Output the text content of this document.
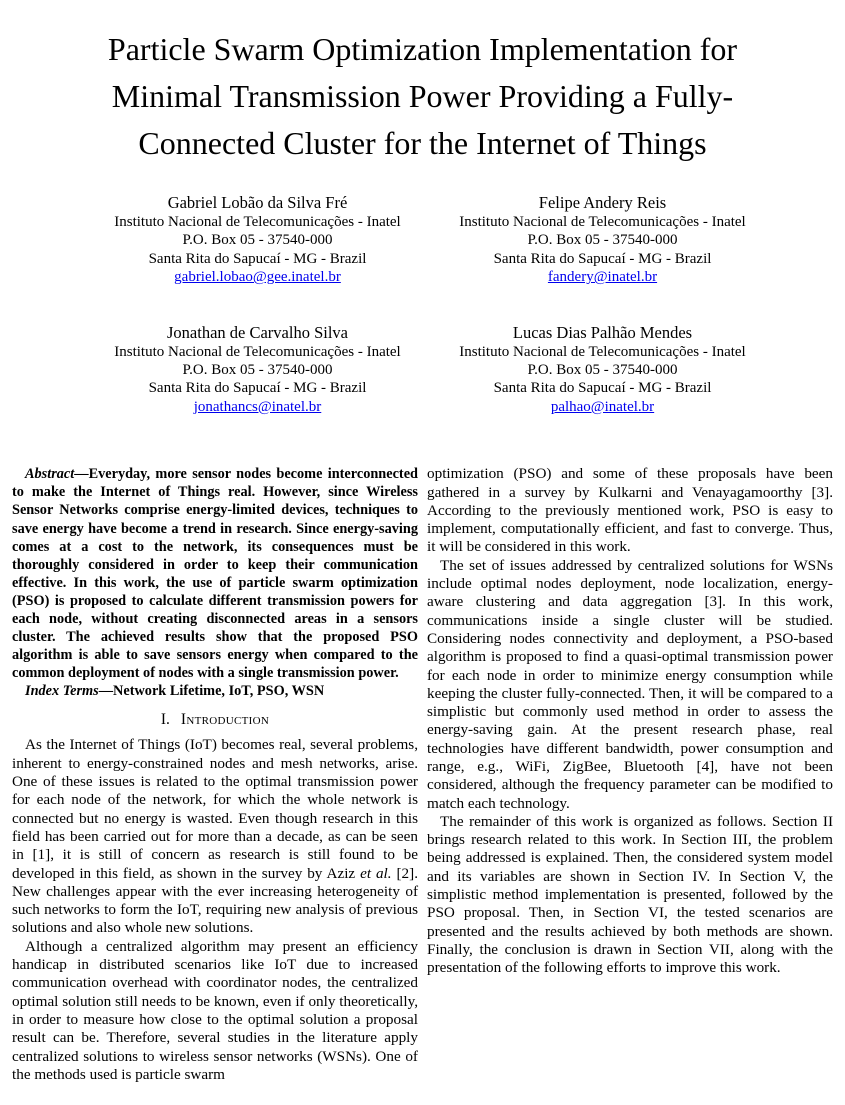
Particle Swarm Optimization Implementation for
Minimal Transmission Power Providing a Fully-
Connected Cluster for the Internet of Things
Gabriel Lobão da Silva Fré
Instituto Nacional de Telecomunicações - Inatel
P.O. Box 05 - 37540-000
Santa Rita do Sapucaí - MG - Brazil
gabriel.lobao@gee.inatel.br
Felipe Andery Reis
Instituto Nacional de Telecomunicações - Inatel
P.O. Box 05 - 37540-000
Santa Rita do Sapucaí - MG - Brazil
fandery@inatel.br
Jonathan de Carvalho Silva
Instituto Nacional de Telecomunicações - Inatel
P.O. Box 05 - 37540-000
Santa Rita do Sapucaí - MG - Brazil
jonathancs@inatel.br
Lucas Dias Palhão Mendes
Instituto Nacional de Telecomunicações - Inatel
P.O. Box 05 - 37540-000
Santa Rita do Sapucaí - MG - Brazil
palhao@inatel.br

Abstract—Everyday, more sensor nodes become interconnected to make the Internet of Things real. However, since Wireless Sensor Networks comprise energy-limited devices, techniques to save energy have become a trend in research. Since energy-saving comes at a cost to the network, its consequences must be thoroughly considered in order to keep their communication effective. In this work, the use of particle swarm optimization (PSO) is proposed to calculate different transmission powers for each node, without creating disconnected areas in a sensors cluster. The achieved results show that the proposed PSO algorithm is able to save sensors energy when compared to the common deployment of nodes with a single transmission power.

Index Terms—Network Lifetime, IoT, PSO, WSN

I. Introduction

As the Internet of Things (IoT) becomes real, several problems, inherent to energy-constrained nodes and mesh networks, arise. One of these issues is related to the optimal transmission power for each node of the network, for which the whole network is connected but no energy is wasted. Even though research in this field has been carried out for more than a decade, as can be seen in [1], it is still of concern as research is still found to be developed in this field, as shown in the survey by Aziz et al. [2]. New challenges appear with the ever increasing heterogeneity of such networks to form the IoT, requiring new analysis of previous solutions and also whole new solutions.

Although a centralized algorithm may present an efficiency handicap in distributed scenarios like IoT due to increased communication overhead with coordinator nodes, the centralized optimal solution still needs to be known, even if only theoretically, in order to measure how close to the optimal solution a proposal result can be. Therefore, several studies in the literature apply centralized solutions to wireless sensor networks (WSNs). One of the methods used is particle swarm

optimization (PSO) and some of these proposals have been gathered in a survey by Kulkarni and Venayagamoorthy [3]. According to the previously mentioned work, PSO is easy to implement, computationally efficient, and fast to converge. Thus, it will be considered in this work.

The set of issues addressed by centralized solutions for WSNs include optimal nodes deployment, node localization, energy-aware clustering and data aggregation [3]. In this work, communications inside a single cluster will be studied. Considering nodes connectivity and deployment, a PSO-based algorithm is proposed to find a quasi-optimal transmission power for each node in order to minimize energy consumption while keeping the cluster fully-connected. Then, it will be compared to a simplistic but commonly used method in order to assess the energy-saving gain. At the present research phase, real technologies have different bandwidth, power consumption and range, e.g., WiFi, ZigBee, Bluetooth [4], have not been considered, although the frequency parameter can be modified to match each technology.

The remainder of this work is organized as follows. Section II brings research related to this work. In Section III, the problem being addressed is explained. Then, the considered system model and its variables are shown in Section IV. In Section V, the simplistic method implementation is presented, followed by the PSO proposal. Then, in Section VI, the tested scenarios are presented and the results achieved by both methods are shown. Finally, the conclusion is drawn in Section VII, along with the presentation of the following efforts to improve this work.
